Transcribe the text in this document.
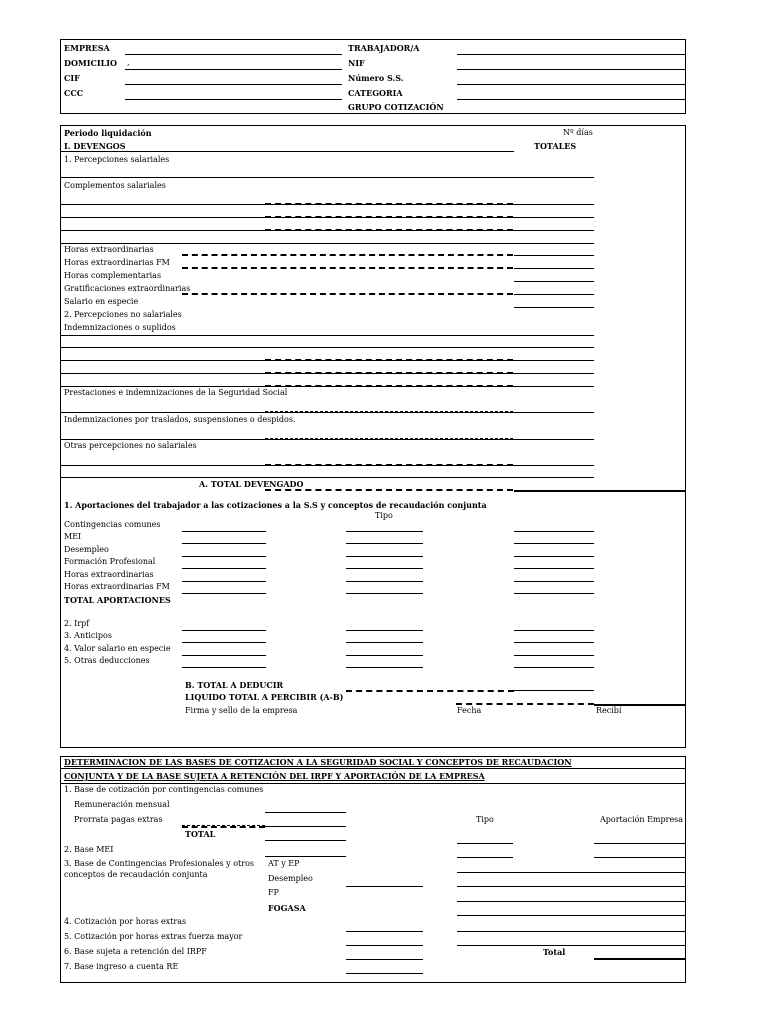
EMPRESA
DOMICILIO ,
CIF
CCC
TRABAJADOR/A
NIF
Número S.S.
CATEGORIA
GRUPO COTIZACIÓN
Periodo liquidación	Nº días
I. DEVENGOS	TOTALES
1. Percepciones salariales
Complementos salariales
Horas extraordinarias
Horas extraordinarias FM
Horas complementarias
Gratificaciones extraordinarias
Salario en especie
2. Percepciones no salariales
Indemnizaciones o suplidos
Prestaciones e indemnizaciones de la Seguridad Social
Indemnizaciones por traslados, suspensiones o despidos.
Otras percepciones no salariales
A. TOTAL DEVENGADO
1. Aportaciones del trabajador a las cotizaciones a la S.S y conceptos de recaudación conjunta
Tipo
Contingencias comunes
MEI
Desempleo
Formación Profesional
Horas extraordinarias
Horas extraordinarias FM
TOTAL APORTACIONES
2. Irpf
3. Anticipos
4. Valor salario en especie
5. Otras deducciones
B. TOTAL A DEDUCIR
LIQUIDO TOTAL A PERCIBIR (A-B)
Firma y sello de la empresa	Fecha	Recibí
DETERMINACION DE LAS BASES DE COTIZACION A LA SEGURIDAD SOCIAL Y CONCEPTOS DE RECAUDACION
CONJUNTA Y DE LA BASE SUJETA A RETENCIÓN DEL IRPF Y APORTACIÓN DE LA EMPRESA
1. Base de cotización por contingencias comunes
Remuneración mensual
Prorrata pagas extras
TOTAL
Tipo	Aportación Empresa
2. Base MEI
3. Base de Contingencias Profesionales y otros
conceptos de recaudación conjunta
AT y EP
Desempleo
FP
FOGASA
4. Cotización por horas extras
5. Cotización por horas extras fuerza mayor
6. Base sujeta a retención del IRPF	Total
7. Base ingreso a cuenta RE
